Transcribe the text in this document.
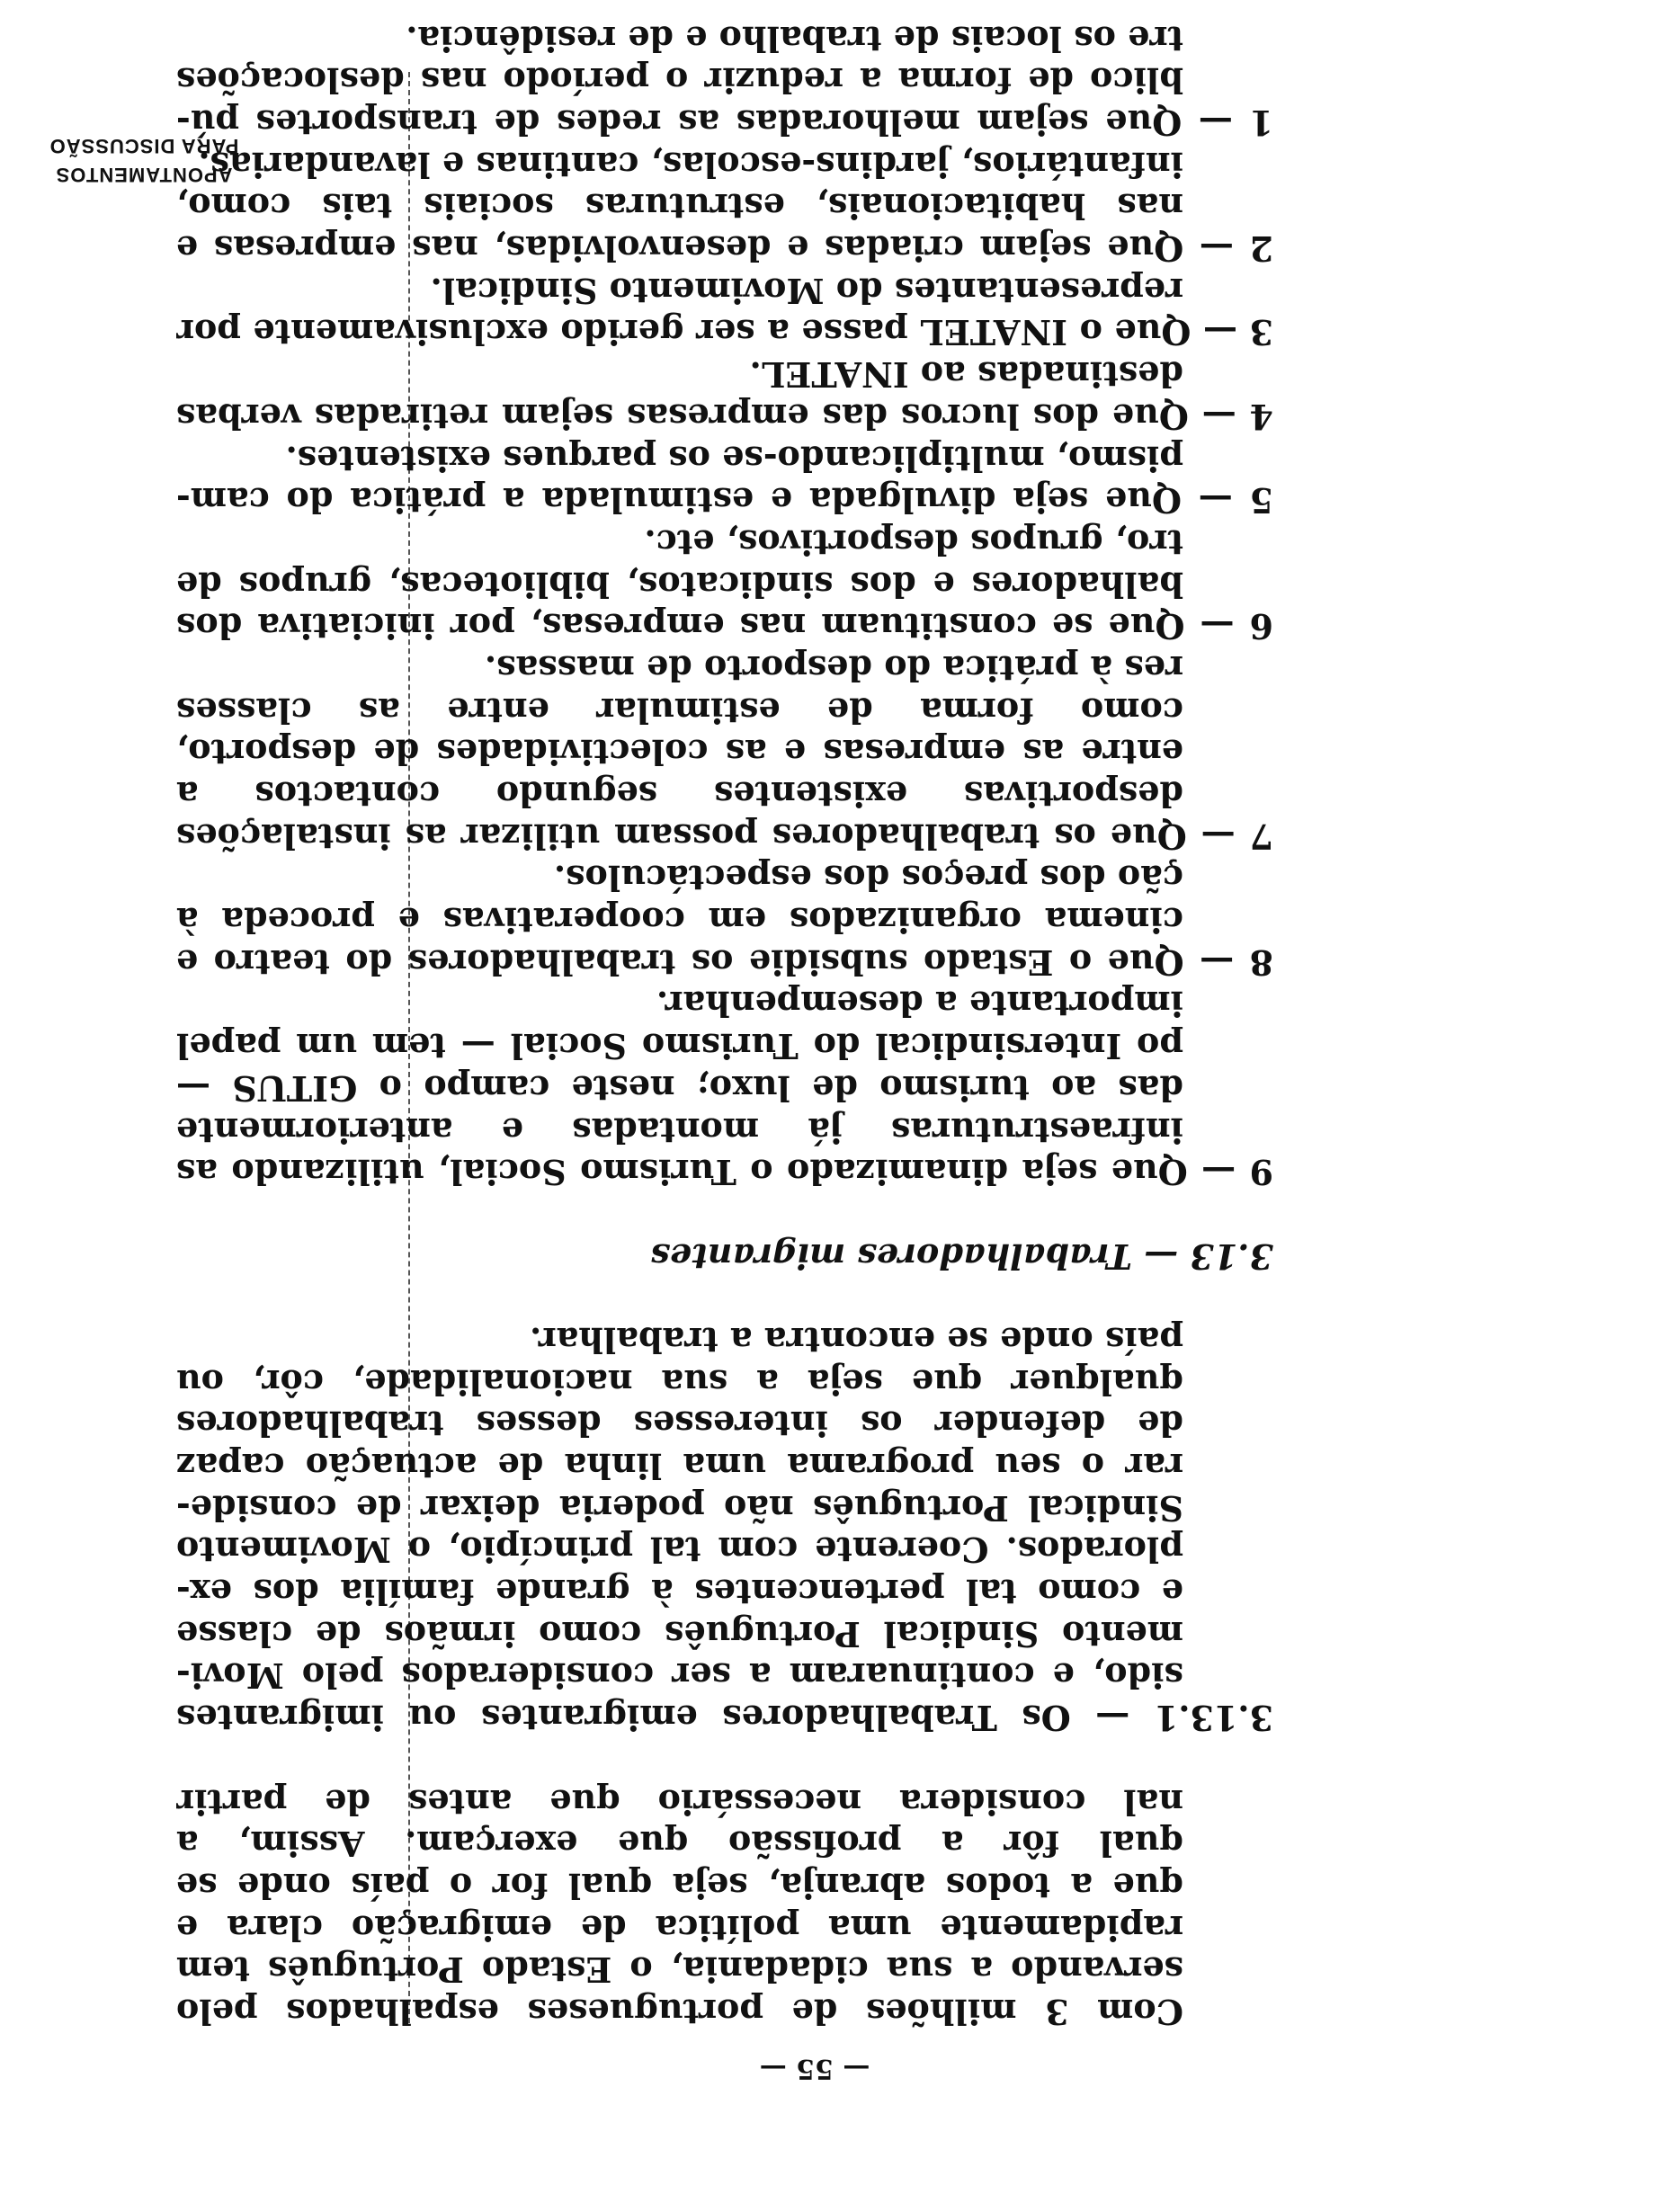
APONTAMENTOS
PARA DISCUSSÃO
— 55 —
Com 3 milhões de portugueses espalhados pelo
servando a sua cidadania, o Estado Português tem
rapidamente uma política de emigração clara e
que a todos abranja, seja qual for o país onde se
qual fôr a profissão que exerçam. Assim, a
nal considera necessário que antes de partir
3.13.1 — Os Trabalhadores emigrantes ou imigrantes
sido, e continuaram a ser considerados pelo Movi-
mento Sindical Português como irmãos de classe
e como tal pertencentes à grande família dos ex-
plorados. Coerente com tal princípio, o Movimento
Sindical Português não poderia deixar de conside-
rar o seu programa uma linha de actuação capaz
de defender os interesses desses trabalhadores
qualquer que seja a sua nacionalidade, côr, ou
país onde se encontra a trabalhar.
3.13 — Trabalhadores migrantes
9 — Que seja dinamizado o Turismo Social, utilizando as
infraestruturas já montadas e anteriormente
das ao turismo de luxo; neste campo o GITUS —
po Intersindical do Turismo Social — tem um papel
importante a desempenhar.
8 — Que o Estado subsidie os trabalhadores do teatro e
cinema organizados em cooperativas e proceda à
ção dos preços dos espectáculos.
7 — Que os trabalhadores possam utilizar as instalações
desportivas existentes segundo contactos a
entre as empresas e as colectividades de desporto,
como forma de estimular entre as classes
res à prática do desporto de massas.
6 — Que se constituam nas empresas, por iniciativa dos
balhadores e dos sindicatos, bibliotecas, grupos de
tro, grupos desportivos, etc.
5 — Que seja divulgada e estimulada a prática do cam-
pismo, multiplicando-se os parques existentes.
4 — Que dos lucros das empresas sejam retiradas verbas
destinadas ao INATEL.
3 — Que o INATEL passe a ser gerido exclusivamente por
representantes do Movimento Sindical.
2 — Que sejam criadas e desenvolvidas, nas empresas e
nas habitacionais, estruturas sociais tais como,
infantários, jardins-escolas, cantinas e lavandarias.
1 — Que sejam melhoradas as redes de transportes pú-
blico de forma a reduzir o período nas deslocações
tre os locais de trabalho e de residência.
